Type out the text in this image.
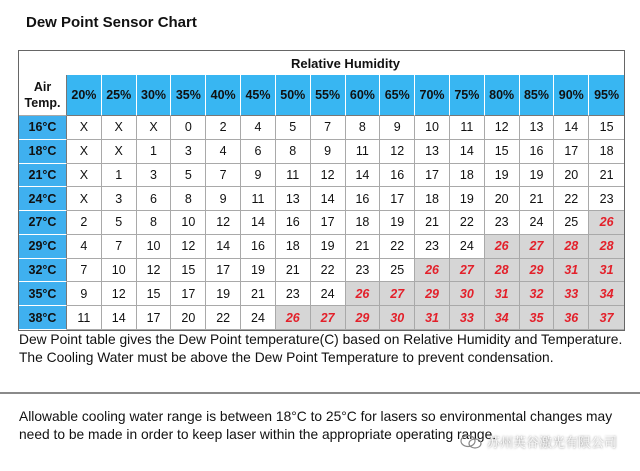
Dew Point Sensor Chart
Relative Humidity
Air
Temp.
20% 25% 30% 35% 40% 45% 50% 55% 60% 65% 70% 75% 80% 85% 90% 95%
16°C	X	X	X	0	2	4	5	7	8	9	10	11	12	13	14	15
18°C	X	X	1	3	4	6	8	9	11	12	13	14	15	16	17	18
21°C	X	1	3	5	7	9	11	12	14	16	17	18	19	19	20	21
24°C	X	3	6	8	9	11	13	14	16	17	18	19	20	21	22	23
27°C	2	5	8	10	12	14	16	17	18	19	21	22	23	24	25	26
29°C	4	7	10	12	14	16	18	19	21	22	23	24	26	27	28	28
32°C	7	10	12	15	17	19	21	22	23	25	26	27	28	29	31	31
35°C	9	12	15	17	19	21	23	24	26	27	29	30	31	32	33	34
38°C	11	14	17	20	22	24	26	27	29	30	31	33	34	35	36	37
Dew Point table gives the Dew Point temperature(C) based on Relative Humidity and Temperature. The Cooling Water must be above the Dew Point Temperature to prevent condensation.
Allowable cooling water range is between 18°C to 25°C for lasers so environmental changes may need to be made in order to keep laser within the appropriate operating range.
苏州英谷激光有限公司
